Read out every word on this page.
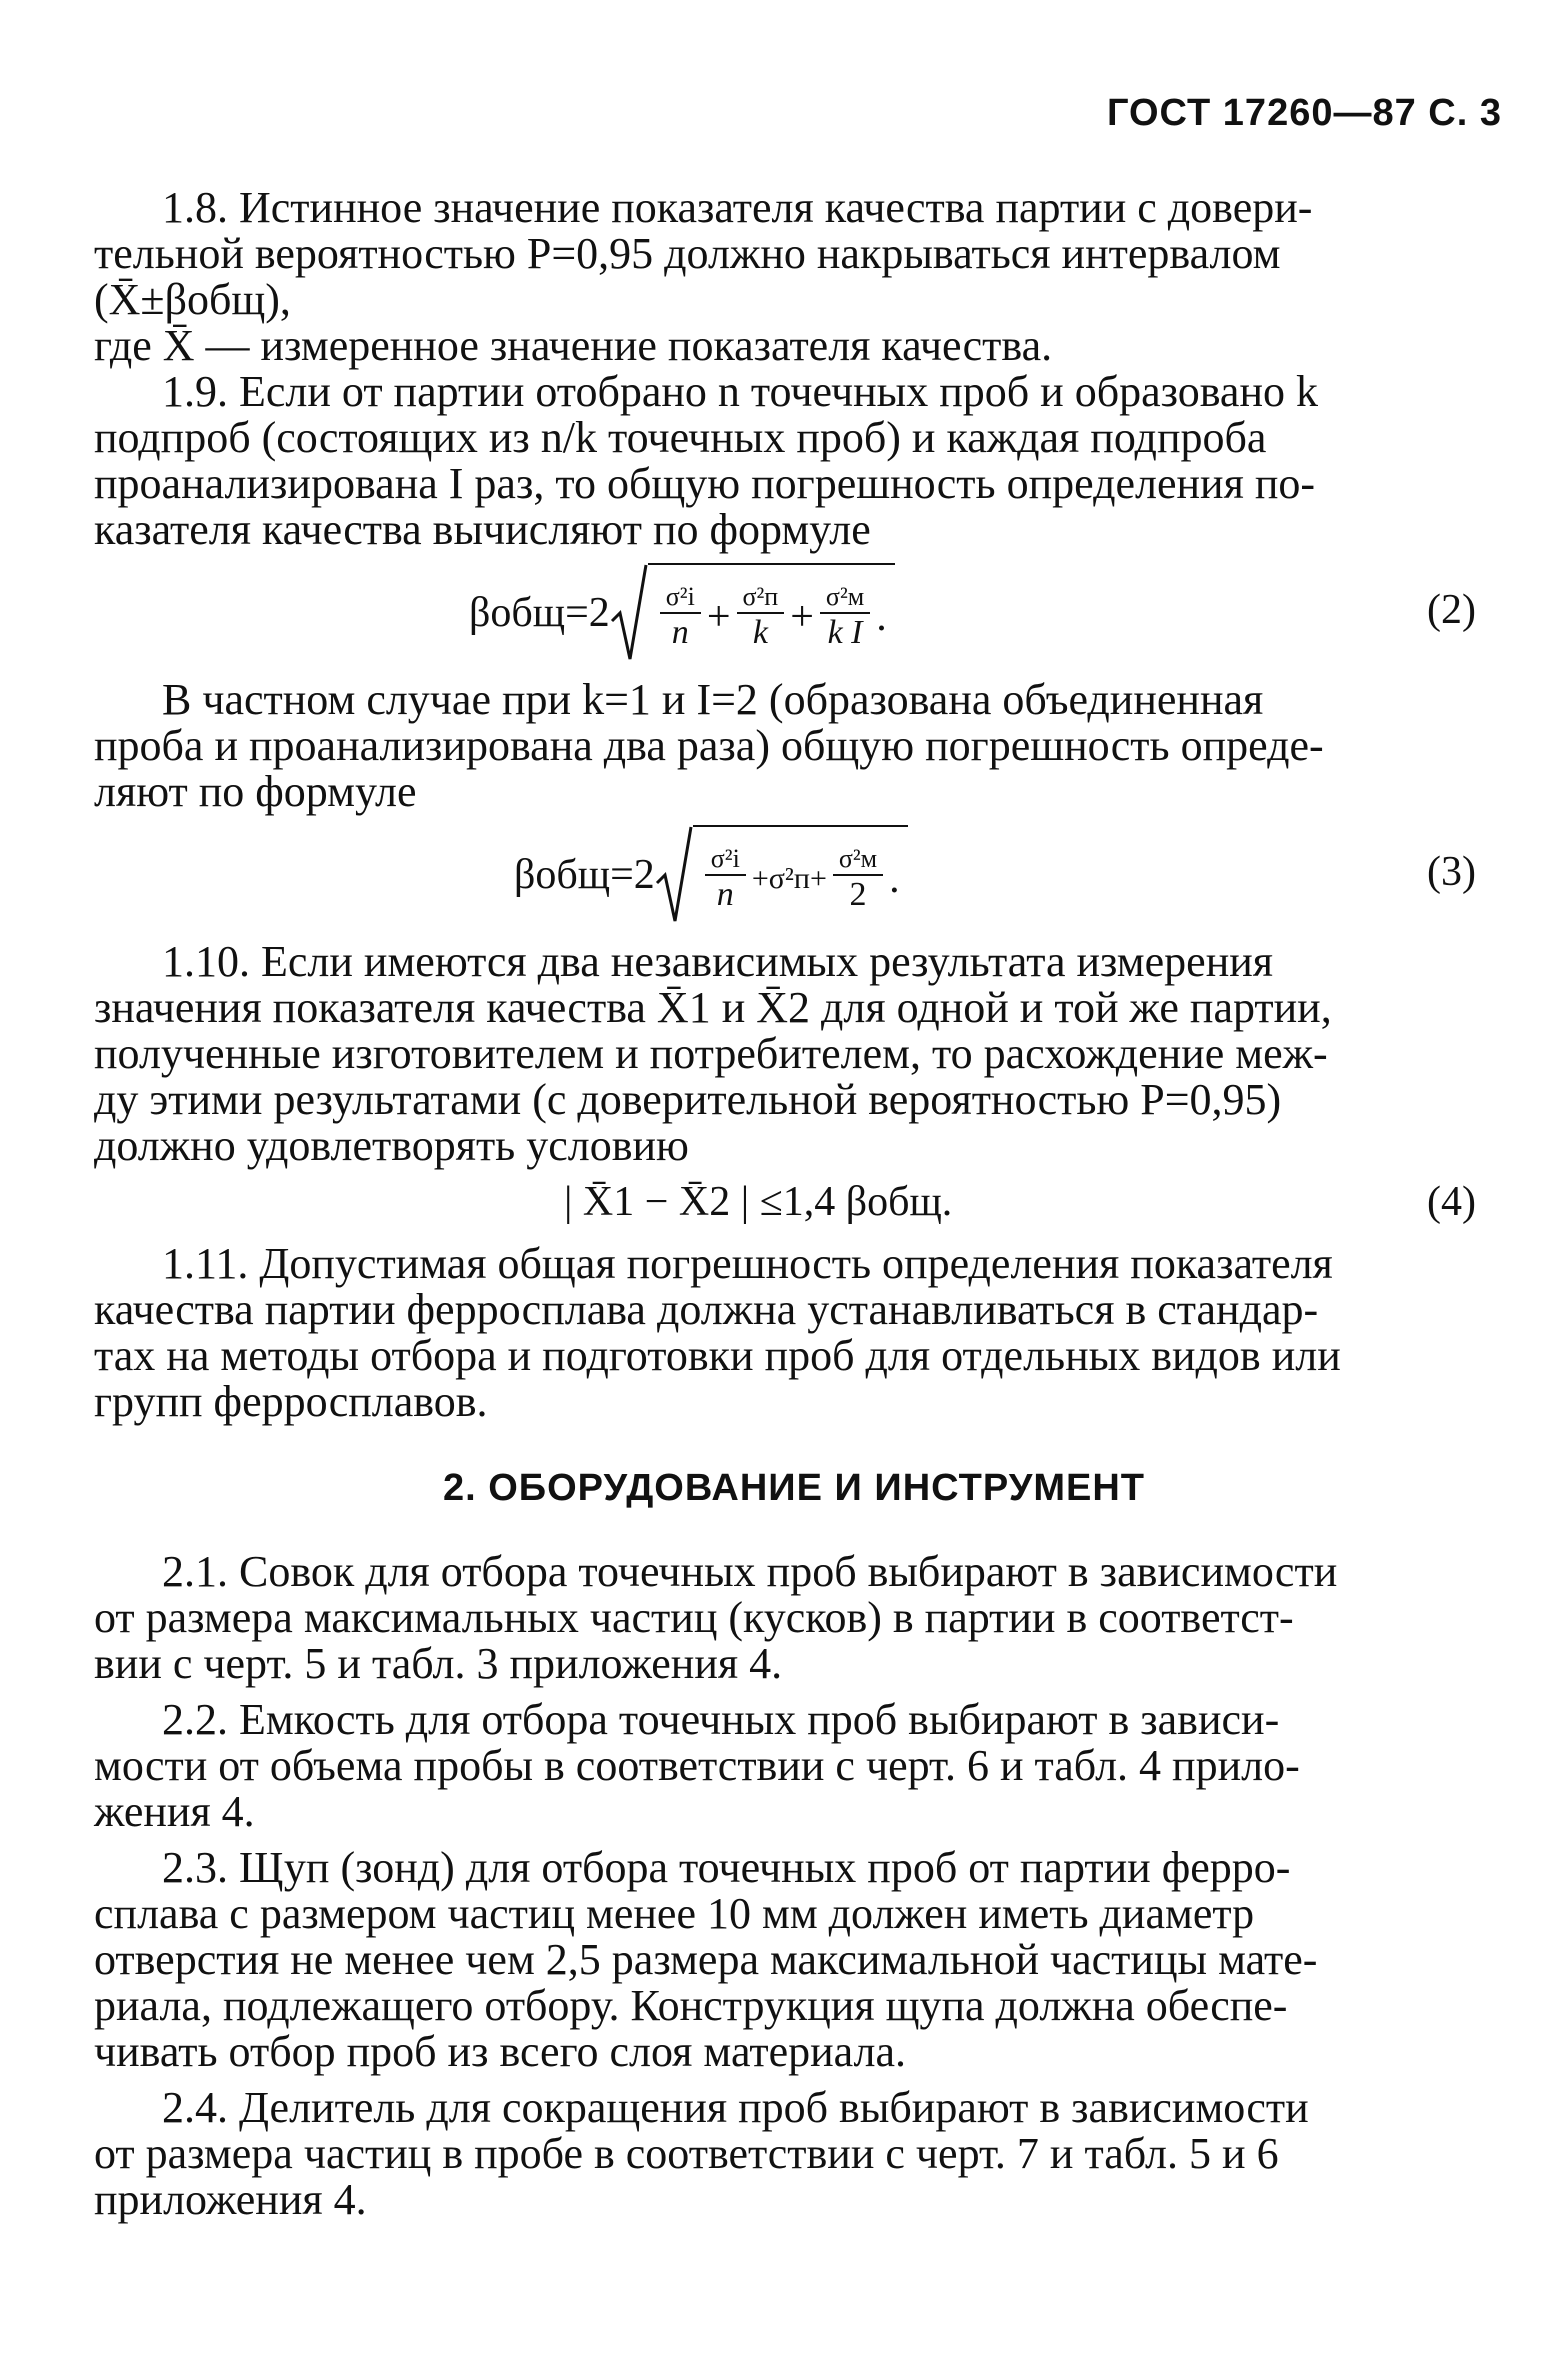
ГОСТ 17260—87 С. 3

1.8. Истинное значение показателя качества партии с довери-

тельной вероятностью Р=0,95 должно накрываться интервалом

(X̄±βобщ),

где X̄ — измеренное значение показателя качества.

1.9. Если от партии отобрано n точечных проб и образовано k

подпроб (состоящих из n/k точечных проб) и каждая подпроба

проанализирована I раз, то общую погрешность определения по-

казателя качества вычисляют по формуле

$\beta общ=2 \frac{\text{σ²i}}{n} + \frac{\text{σ²п}}{k} + \frac{\text{σ²м}}{\text{k I}}$ .	(2)

В частном случае при k=1 и I=2 (образована объединенная

проба и проанализирована два раза) общую погрешность опреде-

ляют по формуле

$\beta общ=2 \frac{\text{σ²i}}{n} +\sigma^2п+ \frac{\text{σ²м}}{2}$ .	(3)

1.10. Если имеются два независимых результата измерения

значения показателя качества X̄1 и X̄2 для одной и той же партии,

полученные изготовителем и потребителем, то расхождение меж-

ду этими результатами (с доверительной вероятностью Р=0,95)

должно удовлетворять условию

| X̄1 − X̄2 | ≤1,4 βобщ.	(4)

1.11. Допустимая общая погрешность определения показателя

качества партии ферросплава должна устанавливаться в стандар-

тах на методы отбора и подготовки проб для отдельных видов или

групп ферросплавов.

2. ОБОРУДОВАНИЕ И ИНСТРУМЕНТ

2.1. Совок для отбора точечных проб выбирают в зависимости

от размера максимальных частиц (кусков) в партии в соответст-

вии с черт. 5 и табл. 3 приложения 4.

2.2. Емкость для отбора точечных проб выбирают в зависи-

мости от объема пробы в соответствии с черт. 6 и табл. 4 прило-

жения 4.

2.3. Щуп (зонд) для отбора точечных проб от партии ферро-

сплава с размером частиц менее 10 мм должен иметь диаметр

отверстия не менее чем 2,5 размера максимальной частицы мате-

риала, подлежащего отбору. Конструкция щупа должна обеспе-

чивать отбор проб из всего слоя материала.

2.4. Делитель для сокращения проб выбирают в зависимости

от размера частиц в пробе в соответствии с черт. 7 и табл. 5 и 6

приложения 4.
